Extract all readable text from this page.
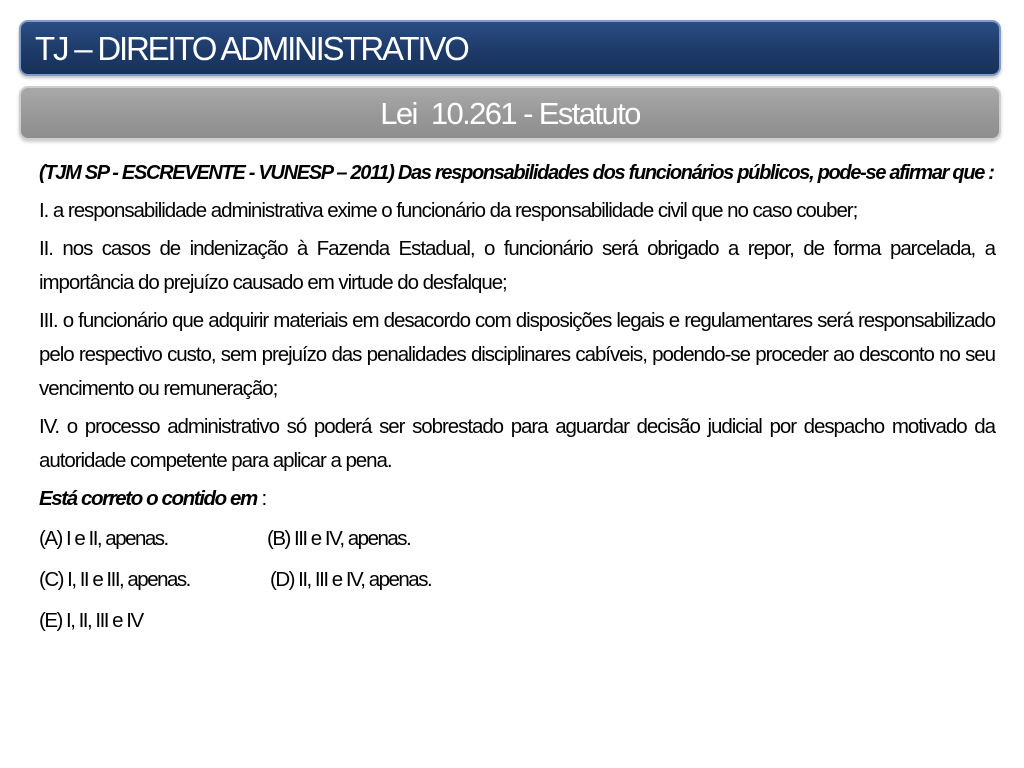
TJ – DIREITO ADMINISTRATIVO
Lei  10.261 - Estatuto

(TJM SP - ESCREVENTE - VUNESP – 2011) Das responsabilidades dos funcionários públicos, pode-se afirmar que :

I. a responsabilidade administrativa exime o funcionário da responsabilidade civil que no caso couber;

II. nos casos de indenização à Fazenda Estadual, o funcionário será obrigado a repor, de forma parcelada, a importância do prejuízo causado em virtude do desfalque;

III. o funcionário que adquirir materiais em desacordo com disposições legais e regulamentares será responsabilizado pelo respectivo custo, sem prejuízo das penalidades disciplinares cabíveis, podendo-se proceder ao desconto no seu vencimento ou remuneração;

IV. o processo administrativo só poderá ser sobrestado para aguardar decisão judicial por despacho motivado da autoridade competente para aplicar a pena.

Está correto o contido em :

(A) I e II, apenas.	(B) III e IV, apenas.
(C) I, II e III, apenas.	(D) II, III e IV, apenas.
(E) I, II, III e IV
